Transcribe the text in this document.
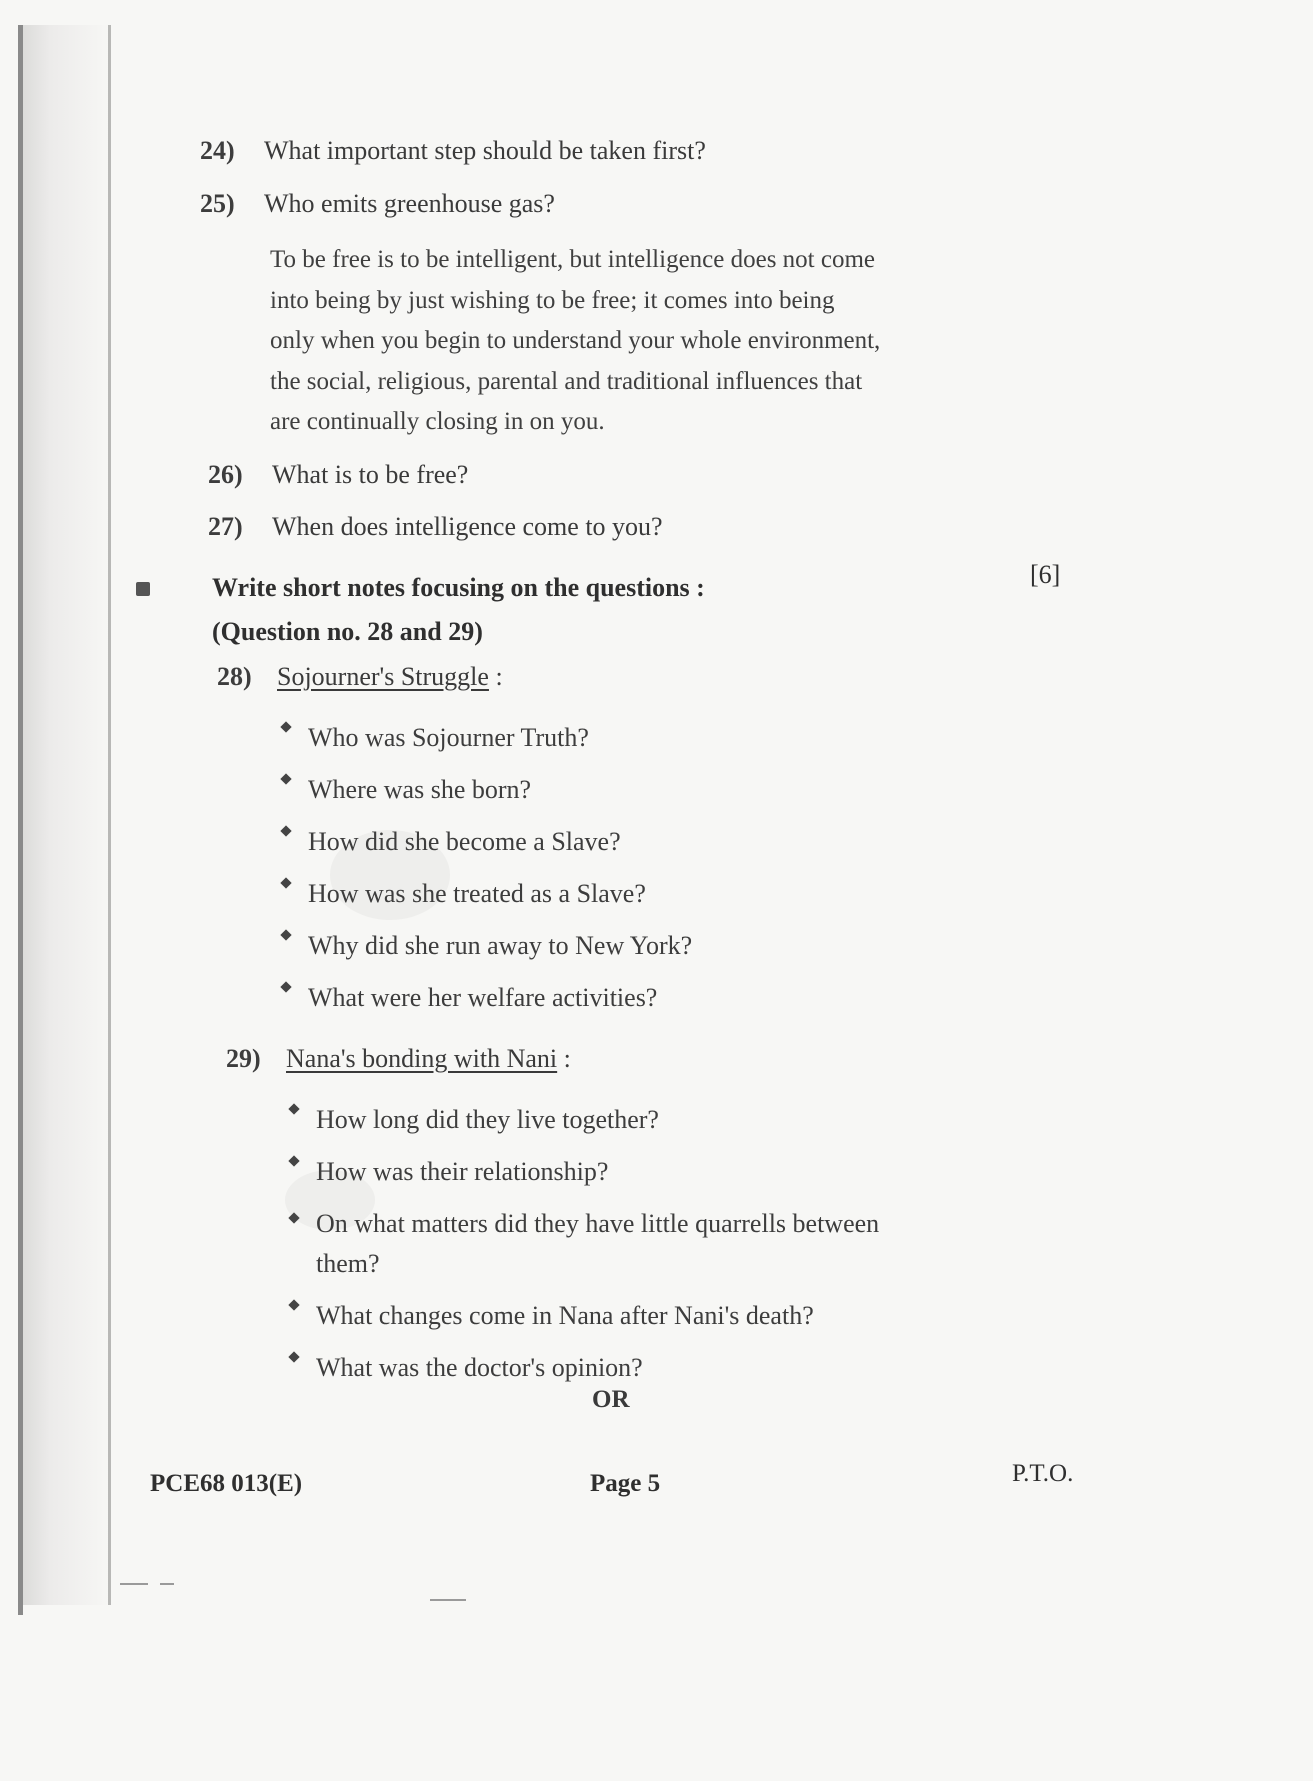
24) What important step should be taken first?
25) Who emits greenhouse gas?

To be free is to be intelligent, but intelligence does not come

into being by just wishing to be free; it comes into being

only when you begin to understand your whole environment,

the social, religious, parental and traditional influences that

are continually closing in on you.

26) What is to be free?
27) When does intelligence come to you?
Write short notes focusing on the questions :
(Question no. 28 and 29)
[6]
28) Sojourner's Struggle :
Who was Sojourner Truth?
Where was she born?
How did she become a Slave?
How was she treated as a Slave?
Why did she run away to New York?
What were her welfare activities?
29) Nana's bonding with Nani :
How long did they live together?
How was their relationship?
On what matters did they have little quarrells between
them?
What changes come in Nana after Nani's death?
What was the doctor's opinion?
OR
PCE68 013(E)	Page 5	P.T.O.
